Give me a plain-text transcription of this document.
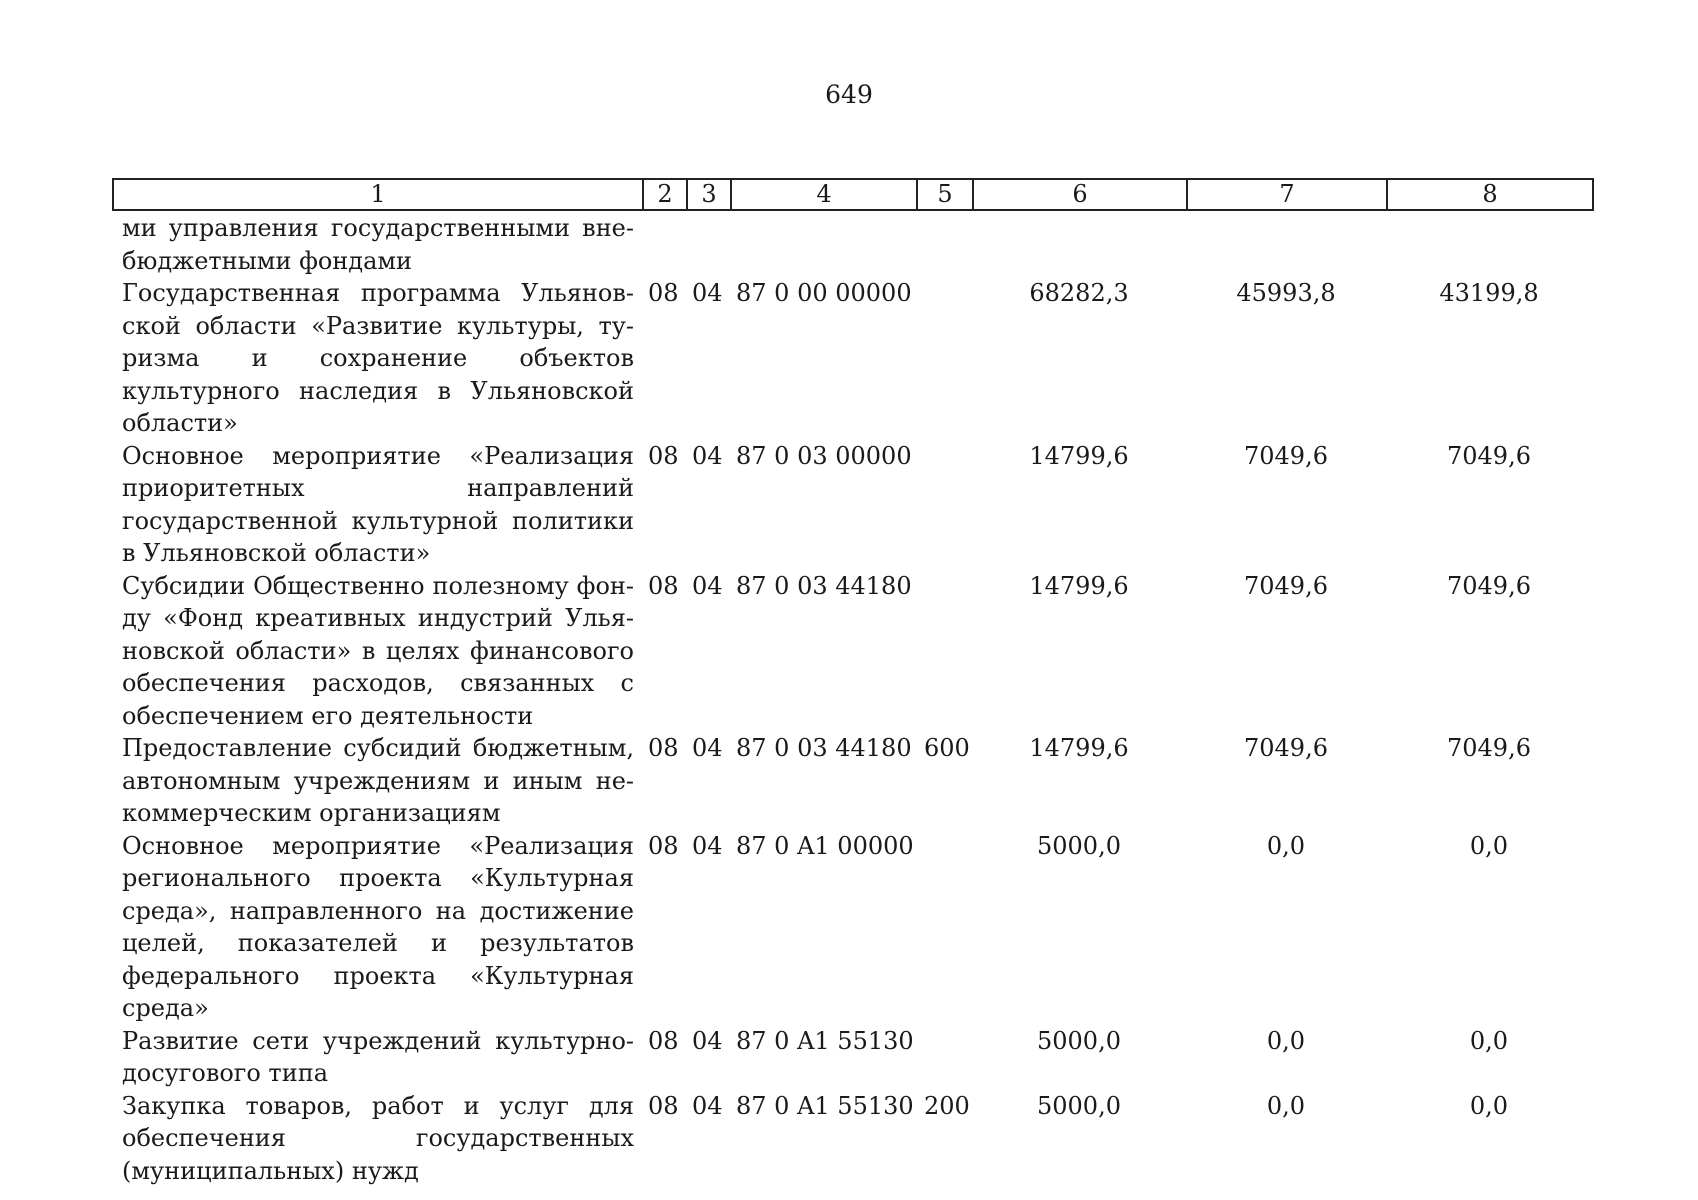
649
1	2	3	4	5	6	7	8
ми управления государственными внебюджетными фондами							
Государственная программа Ульяновской области «Развитие культуры, туризма и сохранение объектов культурного наследия в Ульяновской области»	08	04	87 0 00 00000		68282,3	45993,8	43199,8
Основное мероприятие «Реализация приоритетных направлений государственной культурной политики в Ульяновской области»	08	04	87 0 03 00000		14799,6	7049,6	7049,6
Субсидии Общественно полезному фонду «Фонд креативных индустрий Ульяновской области» в целях финансового обеспечения расходов, связанных с обеспечением его деятельности	08	04	87 0 03 44180		14799,6	7049,6	7049,6
Предоставление субсидий бюджетным, автономным учреждениям и иным некоммерческим организациям	08	04	87 0 03 44180	600	14799,6	7049,6	7049,6
Основное мероприятие «Реализация регионального проекта «Культурная среда», направленного на достижение целей, показателей и результатов федерального проекта «Культурная среда»	08	04	87 0 A1 00000		5000,0	0,0	0,0
Развитие сети учреждений культурно-досугового типа	08	04	87 0 A1 55130		5000,0	0,0	0,0
Закупка товаров, работ и услуг для обеспечения государственных (муниципальных) нужд	08	04	87 0 A1 55130	200	5000,0	0,0	0,0
